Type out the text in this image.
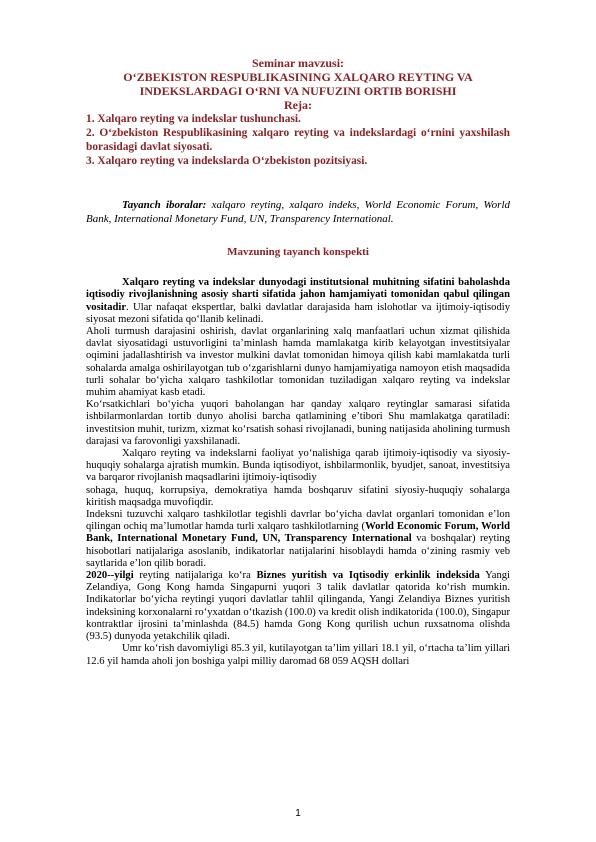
Seminar mavzusi:
O‘ZBEKISTON RESPUBLIKASINING XALQARO REYTING VA
INDEKSLARDAGI O‘RNI VA NUFUZINI ORTIB BORISHI
Reja:

1. Xalqaro reyting va indekslar tushunchasi.

2. O‘zbekiston Respublikasining xalqaro reyting va indekslardagi o‘rnini yaxshilash borasidagi davlat siyosati.

3. Xalqaro reyting va indekslarda O‘zbekiston pozitsiyasi.

Tayanch iboralar: xalqaro reyting, xalqaro indeks, World Economic Forum, World Bank, International Monetary Fund, UN, Transparency International.

Mavzuning tayanch konspekti

Xalqaro reyting va indekslar dunyodagi institutsional muhitning sifatini baholashda iqtisodiy rivojlanishning asosiy sharti sifatida jahon hamjamiyati tomonidan qabul qilingan vositadir. Ular nafaqat ekspertlar, balki davlatlar darajasida ham islohotlar va ijtimoiy-iqtisodiy siyosat mezoni sifatida qo‘llanib kelinadi.

Aholi turmush darajasini oshirish, davlat organlarining xalq manfaatlari uchun xizmat qilishida davlat siyosatidagi ustuvorligini ta’minlash hamda mamlakatga kirib kelayotgan investitsiyalar oqimini jadallashtirish va investor mulkini davlat tomonidan himoya qilish kabi mamlakatda turli sohalarda amalga oshirilayotgan tub o‘zgarishlarni dunyo hamjamiyatiga namoyon etish maqsadida turli sohalar bo‘yicha xalqaro tashkilotlar tomonidan tuziladigan xalqaro reyting va indekslar muhim ahamiyat kasb etadi.

Ko‘rsatkichlari bo‘yicha yuqori baholangan har qanday xalqaro reytinglar samarasi sifatida ishbilarmonlardan tortib dunyo aholisi barcha qatlamining e’tibori Shu mamlakatga qaratiladi: investitsion muhit, turizm, xizmat ko‘rsatish sohasi rivojlanadi, buning natijasida aholining turmush darajasi va farovonligi yaxshilanadi.

Xalqaro reyting va indekslarni faoliyat yo‘nalishiga qarab ijtimoiy-iqtisodiy va siyosiy-huquqiy sohalarga ajratish mumkin. Bunda iqtisodiyot, ishbilarmonlik, byudjet, sanoat, investitsiya va barqaror rivojlanish maqsadlarini ijtimoiy-iqtisodiy

sohaga, huquq, korrupsiya, demokratiya hamda boshqaruv sifatini siyosiy-huquqiy sohalarga kiritish maqsadga muvofiqdir.

Indeksni tuzuvchi xalqaro tashkilotlar tegishli davrlar bo‘yicha davlat organlari tomonidan e’lon qilingan ochiq ma’lumotlar hamda turli xalqaro tashkilotlarning (World Economic Forum, World Bank, International Monetary Fund, UN, Transparency International va boshqalar) reyting hisobotlari natijalariga asoslanib, indikatorlar natijalarini hisoblaydi hamda o‘zining rasmiy veb saytlarida e’lon qilib boradi.

2020--yilgi reyting natijalariga ko‘ra Biznes yuritish va Iqtisodiy erkinlik indeksida Yangi Zelandiya, Gong Kong hamda Singapurni yuqori 3 talik davlatlar qatorida ko‘rish mumkin. Indikatorlar bo‘yicha reytingi yuqori davlatlar tahlil qilinganda, Yangi Zelandiya Biznes yuritish indeksining korxonalarni ro‘yxatdan o‘tkazish (100.0) va kredit olish indikatorida (100.0), Singapur kontraktlar ijrosini ta’minlashda (84.5) hamda Gong Kong qurilish uchun ruxsatnoma olishda (93.5) dunyoda yetakchilik qiladi.

Umr ko‘rish davomiyligi 85.3 yil, kutilayotgan ta’lim yillari 18.1 yil, o‘rtacha ta’lim yillari 12.6 yil hamda aholi jon boshiga yalpi milliy daromad 68 059 AQSH dollari

1
